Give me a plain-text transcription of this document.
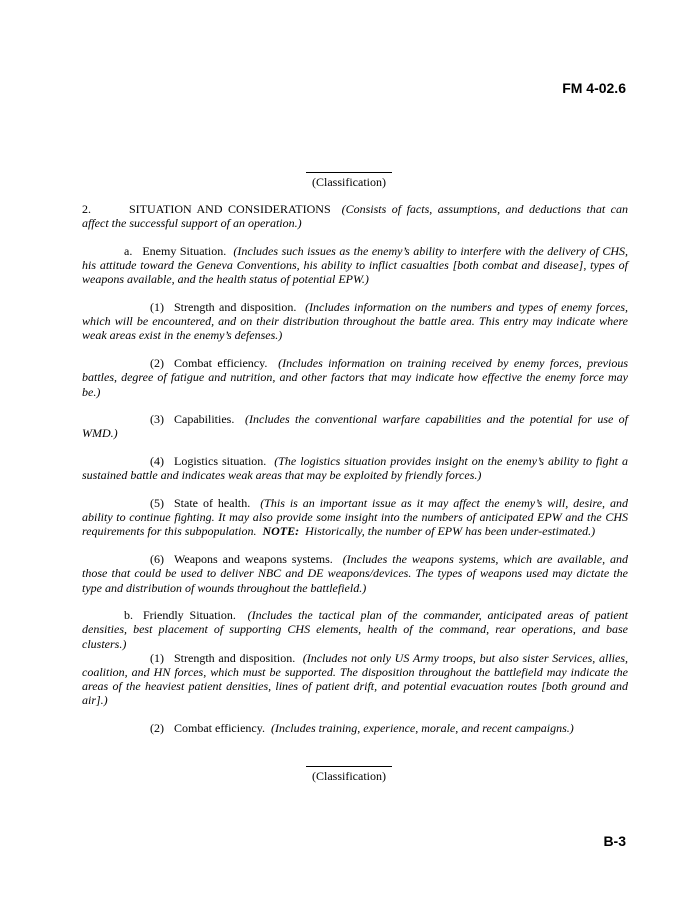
FM 4-02.6
(Classification)

2.	SITUATION AND CONSIDERATIONS (Consists of facts, assumptions, and deductions that can affect the successful support of an operation.)

a. Enemy Situation. (Includes such issues as the enemy’s ability to interfere with the delivery of CHS, his attitude toward the Geneva Conventions, his ability to inflict casualties [both combat and disease], types of weapons available, and the health status of potential EPW.)

(1) Strength and disposition. (Includes information on the numbers and types of enemy forces, which will be encountered, and on their distribution throughout the battle area. This entry may indicate where weak areas exist in the enemy’s defenses.)

(2) Combat efficiency. (Includes information on training received by enemy forces, previous battles, degree of fatigue and nutrition, and other factors that may indicate how effective the enemy force may be.)

(3) Capabilities. (Includes the conventional warfare capabilities and the potential for use of WMD.)

(4) Logistics situation. (The logistics situation provides insight on the enemy’s ability to fight a sustained battle and indicates weak areas that may be exploited by friendly forces.)

(5) State of health. (This is an important issue as it may affect the enemy’s will, desire, and ability to continue fighting. It may also provide some insight into the numbers of anticipated EPW and the CHS requirements for this subpopulation. NOTE: Historically, the number of EPW has been under-estimated.)

(6) Weapons and weapons systems. (Includes the weapons systems, which are available, and those that could be used to deliver NBC and DE weapons/devices. The types of weapons used may dictate the type and distribution of wounds throughout the battlefield.)

b. Friendly Situation. (Includes the tactical plan of the commander, anticipated areas of patient densities, best placement of supporting CHS elements, health of the command, rear operations, and base clusters.)

(1) Strength and disposition. (Includes not only US Army troops, but also sister Services, allies, coalition, and HN forces, which must be supported. The disposition throughout the battlefield may indicate the areas of the heaviest patient densities, lines of patient drift, and potential evacuation routes [both ground and air].)

(2) Combat efficiency. (Includes training, experience, morale, and recent campaigns.)

(Classification)
B-3
